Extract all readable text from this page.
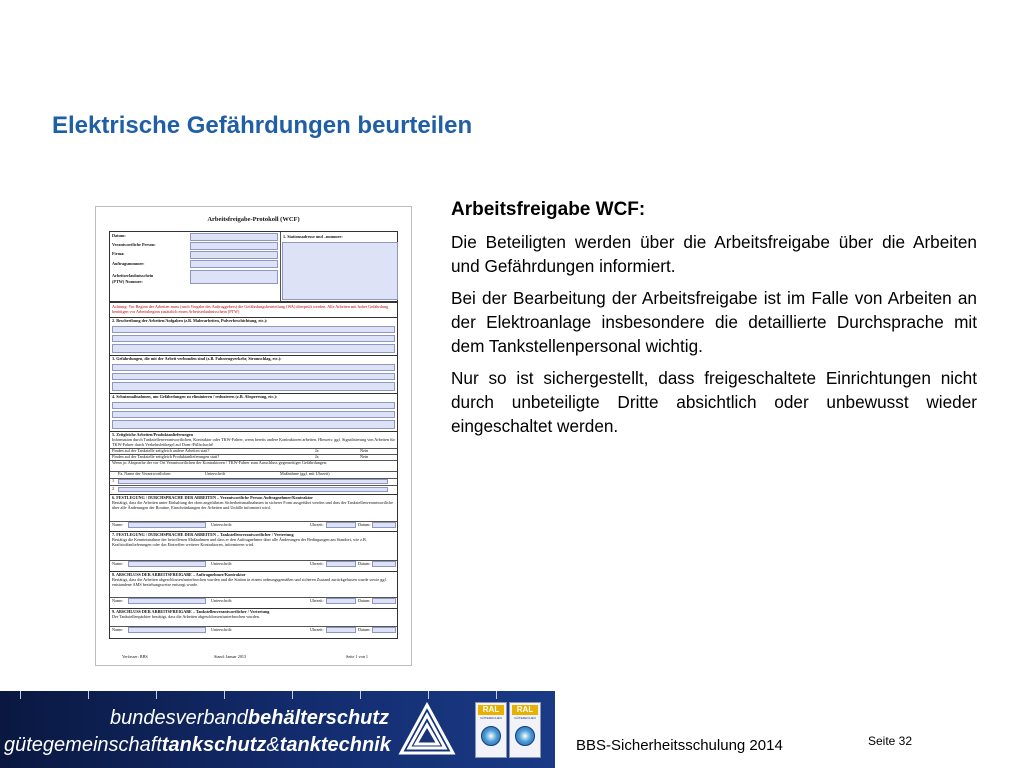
Elektrische Gefährdungen beurteilen
Arbeitsfreigabe-Protokoll (WCF)
Datum:
Verantwortliche Person:
Firma:
Auftragsnummer:
Arbeitserlaubnisschein
(PTW) Nummer:
1. Stationsadresse und –nummer:
Achtung: Vor Beginn der Arbeiten muss (nach Vorgabe des Auftraggebers) die Gefährdungsbeurteilung (WA) überprüft werden. Alle Arbeiten mit hoher Gefährdung benötigen vor Arbeitsbeginn zusätzlich einen Arbeitserlaubnisschein (PTW)
2. Beschreibung der Arbeiten/Aufgaben (z.B. Malerarbeiten, Pulverbeschichtung, etc.):
3. Gefährdungen, die mit der Arbeit verbunden sind (z.B. Fahrzeugverkehr, Stromschlag, etc.):
4. Schutzmaßnahmen, um Gefährdungen zu eliminieren / reduzieren (z.B. Absperrung, etc.):
5. Zeitgleiche Arbeiten/Produktanlieferungen
Information durch Tankstellenverantwortlichen, Kontraktor oder TKW-Fahrer, wenn bereits andere Kontraktoren arbeiten. Hinweis: ggf. Signalisierung von Arbeiten für TKW-Fahrer durch Verkehrsleitkegel auf Dom-/Füllschacht!
Finden auf der Tankstelle zeitgleich andere Arbeiten statt?	Ja	Nein
Finden auf der Tankstelle zeitgleich Produktanlieferungen statt?	Ja	Nein
Wenn ja: Absprache der vor Ort Verantwortlichen der Kontraktoren / TKW-Fahrer zum Ausschluss gegenseitiger Gefährdungen:
Fa. Name der Verantwortlichen	Unterschrift	Maßnahme (ggf. mit Uhrzeit)
1
2
6. FESTLEGUNG / DURCHSPRACHE DER ARBEITEN – Verantwortliche Person Auftragnehmer/Kontraktor
Bestätigt, dass die Arbeiten unter Einhaltung der oben angeführten Sicherheitsmaßnahmen in sicherer Form ausgeführt werden und dass der Tankstellenverantwortliche über alle Änderungen der Routine, Einschränkungen der Arbeiten und Unfälle informiert wird.
Name:	Unterschrift:	Uhrzeit:	Datum:
7. FESTLEGUNG / DURCHSPRACHE DER ARBEITEN – Tankstellenverantwortlicher / Vertretung
Bestätigt die Kenntnisnahme der betroffenen Maßnahmen und dass er den Auftragnehmer über alle Änderungen der Bedingungen am Standort, wie z.B. Kraftstoffanlieferungen oder das Eintreffen weiterer Kontraktoren, informieren wird.
Name:	Unterschrift:	Uhrzeit:	Datum:
8. ABSCHLUSS DER ARBEITSFREIGABE – Auftragnehmer/Kontraktor
Bestätigt, dass die Arbeiten abgeschlossen/unterbrochen wurden und die Station in einem ordnungsgemäßen und sicheren Zustand zurückgelassen wurde sowie ggf. entstandene AMS beziehungsweise entsorgt wurde.
Name:	Unterschrift:	Uhrzeit:	Datum:
9. ABSCHLUSS DER ARBEITSFREIGABE – Tankstellenverantwortlicher / Vertretung
Der Tankstellenpächter bestätigt, dass die Arbeiten abgeschlossen/unterbrochen wurden.
Name:	Unterschrift:	Uhrzeit:	Datum:
Verfasser: BBS	Stand: Januar 2013	Seite 1 von 1
Arbeitsfreigabe WCF:

Die Beteiligten werden über die Arbeitsfreigabe über die Arbeiten und Gefährdungen informiert.

Bei der Bearbeitung der Arbeitsfreigabe ist im Falle von Arbeiten an der Elektroanlage insbesondere die detaillierte Durchsprache mit dem Tankstellenpersonal wichtig.

Nur so ist sichergestellt, dass freigeschaltete Einrichtungen nicht durch unbeteiligte Dritte absichtlich oder unbewusst wieder eingeschaltet werden.

bundesverbandbehälterschutz
gütegemeinschafttankschutz&tanktechnik
RAL
GÜTEZEICHEN
RAL
GÜTEZEICHEN
BBS-Sicherheitsschulung 2014	Seite 32
